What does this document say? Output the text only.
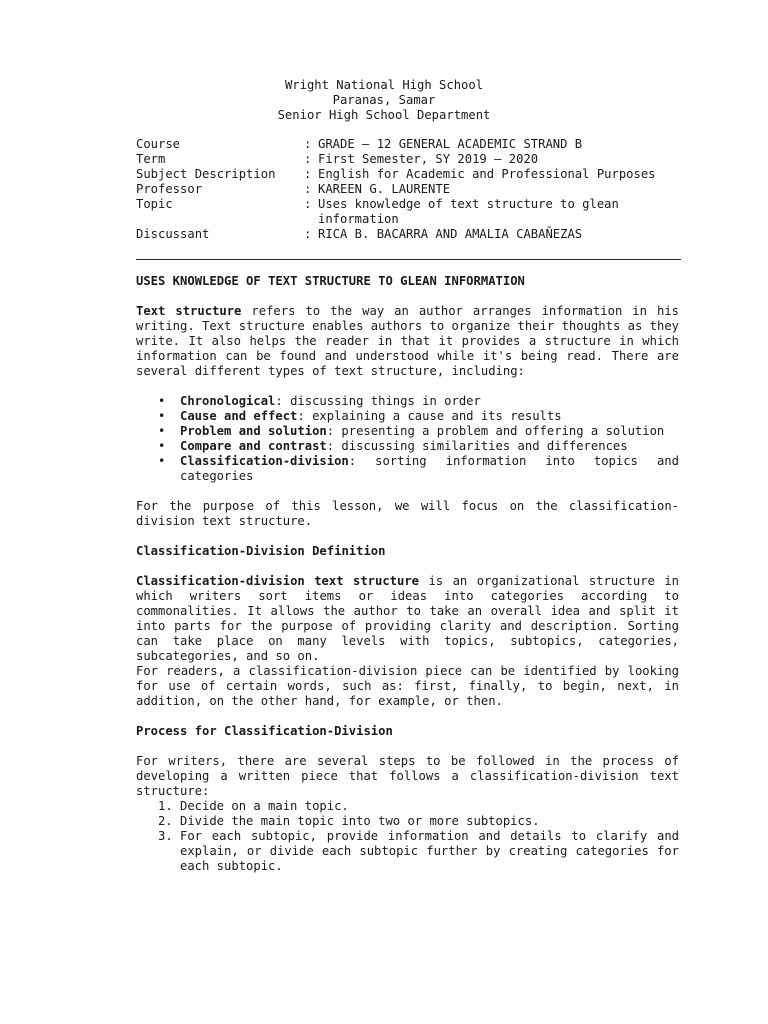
Wright National High School
Paranas, Samar
Senior High School Department
Course	: GRADE – 12 GENERAL ACADEMIC STRAND B
Term	: First Semester, SY 2019 – 2020
Subject Description	: English for Academic and Professional Purposes
Professor	: KAREEN G. LAURENTE
Topic	: Uses knowledge of text structure to glean information
Discussant	: RICA B. BACARRA AND AMALIA CABAÑEZAS
USES KNOWLEDGE OF TEXT STRUCTURE TO GLEAN INFORMATION
Text structure refers to the way an author arranges information in his writing. Text structure enables authors to organize their thoughts as they write. It also helps the reader in that it provides a structure in which information can be found and understood while it's being read. There are several different types of text structure, including:
• Chronological: discussing things in order
• Cause and effect: explaining a cause and its results
• Problem and solution: presenting a problem and offering a solution
• Compare and contrast: discussing similarities and differences
• Classification-division: sorting information into topics and categories
For the purpose of this lesson, we will focus on the classification-division text structure.
Classification-Division Definition
Classification-division text structure is an organizational structure in which writers sort items or ideas into categories according to commonalities. It allows the author to take an overall idea and split it into parts for the purpose of providing clarity and description. Sorting can take place on many levels with topics, subtopics, categories, subcategories, and so on.
For readers, a classification-division piece can be identified by looking for use of certain words, such as: first, finally, to begin, next, in addition, on the other hand, for example, or then.
Process for Classification-Division
For writers, there are several steps to be followed in the process of developing a written piece that follows a classification-division text structure:
1. Decide on a main topic.
2. Divide the main topic into two or more subtopics.
3. For each subtopic, provide information and details to clarify and explain, or divide each subtopic further by creating categories for each subtopic.
